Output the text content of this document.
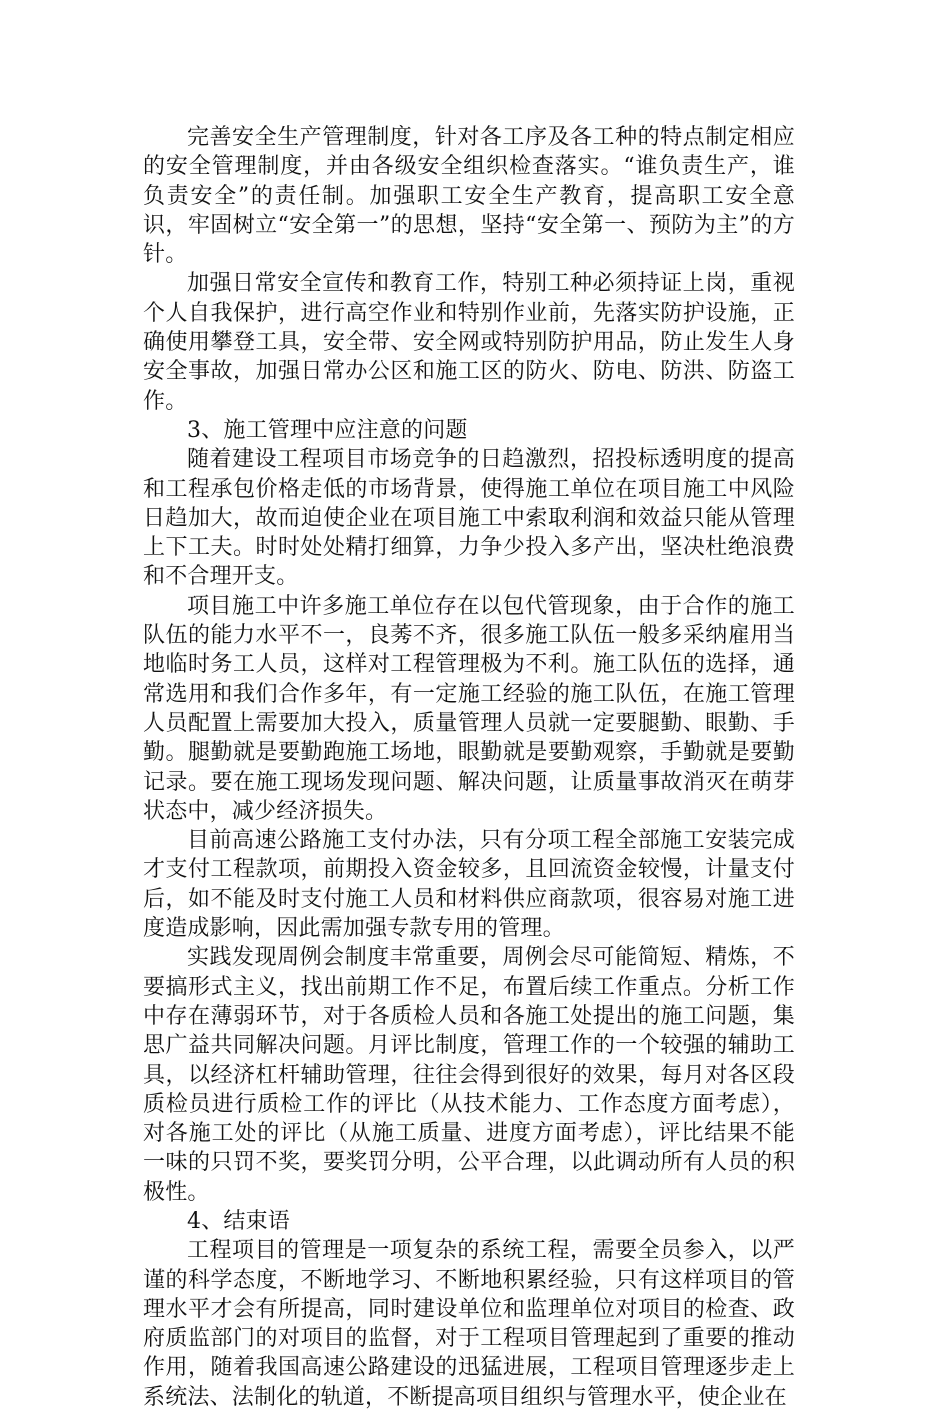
完善安全生产管理制度，针对各工序及各工种的特点制定相应的安全管理制度，并由各级安全组织检查落实。“谁负责生产，谁负责安全”的责任制。加强职工安全生产教育，提高职工安全意识，牢固树立“安全第一”的思想，坚持“安全第一、预防为主”的方针。

加强日常安全宣传和教育工作，特别工种必须持证上岗，重视个人自我保护，进行高空作业和特别作业前，先落实防护设施，正确使用攀登工具，安全带、安全网或特别防护用品，防止发生人身安全事故，加强日常办公区和施工区的防火、防电、防洪、防盗工作。

3、施工管理中应注意的问题

随着建设工程项目市场竞争的日趋激烈，招投标透明度的提高和工程承包价格走低的市场背景，使得施工单位在项目施工中风险日趋加大，故而迫使企业在项目施工中索取利润和效益只能从管理上下工夫。时时处处精打细算，力争少投入多产出，坚决杜绝浪费和不合理开支。

项目施工中许多施工单位存在以包代管现象，由于合作的施工队伍的能力水平不一，良莠不齐，很多施工队伍一般多采纳雇用当地临时务工人员，这样对工程管理极为不利。施工队伍的选择，通常选用和我们合作多年，有一定施工经验的施工队伍，在施工管理人员配置上需要加大投入，质量管理人员就一定要腿勤、眼勤、手勤。腿勤就是要勤跑施工场地，眼勤就是要勤观察，手勤就是要勤记录。要在施工现场发现问题、解决问题，让质量事故消灭在萌芽状态中，减少经济损失。

目前高速公路施工支付办法，只有分项工程全部施工安装完成才支付工程款项，前期投入资金较多，且回流资金较慢，计量支付后，如不能及时支付施工人员和材料供应商款项，很容易对施工进度造成影响，因此需加强专款专用的管理。

实践发现周例会制度丰常重要，周例会尽可能简短、精炼，不要搞形式主义，找出前期工作不足，布置后续工作重点。分析工作中存在薄弱环节，对于各质检人员和各施工处提出的施工问题，集思广益共同解决问题。月评比制度，管理工作的一个较强的辅助工具，以经济杠杆辅助管理，往往会得到很好的效果，每月对各区段质检员进行质检工作的评比（从技术能力、工作态度方面考虑），对各施工处的评比（从施工质量、进度方面考虑），评比结果不能一味的只罚不奖，要奖罚分明，公平合理，以此调动所有人员的积极性。

4、结束语

工程项目的管理是一项复杂的系统工程，需要全员参入，以严谨的科学态度，不断地学习、不断地积累经验，只有这样项目的管理水平才会有所提高，同时建设单位和监理单位对项目的检查、政府质监部门的对项目的监督，对于工程项目管理起到了重要的推动作用，随着我国高速公路建设的迅猛进展，工程项目管理逐步走上系统法、法制化的轨道，不断提高项目组织与管理水平，使企业在
